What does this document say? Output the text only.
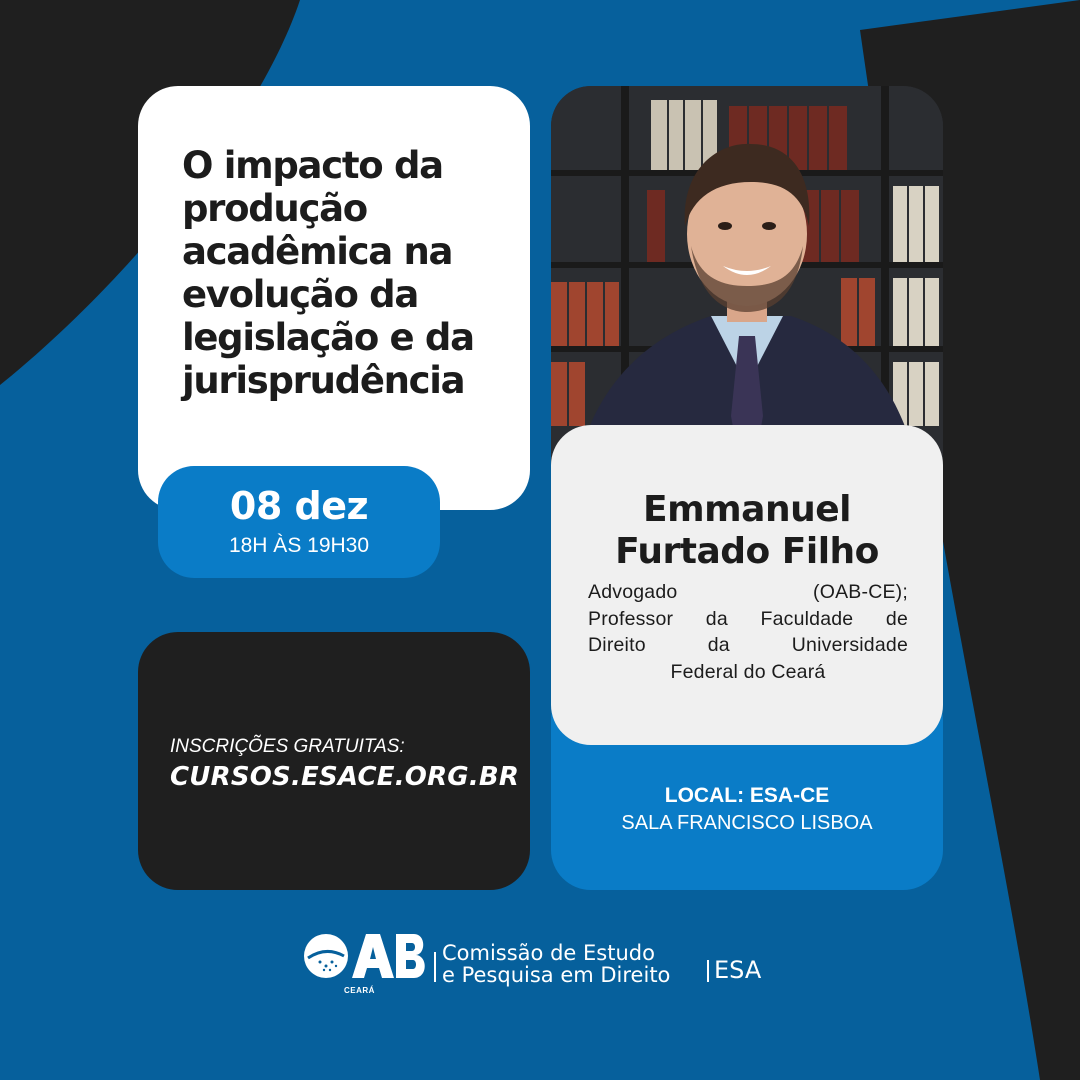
O impacto da produção acadêmica na evolução da legislação e da jurisprudência
08 dez
18H ÀS 19H30
LOCAL: ESA-CE
SALA FRANCISCO LISBOA
Emmanuel
Furtado Filho
Advogado (OAB-CE);
Professor da Faculdade de
Direito da Universidade
Federal do Ceará
INSCRIÇÕES GRATUITAS:
CURSOS.ESACE.ORG.BR
CEARÁ
Comissão de Estudo
e Pesquisa em Direito ESA
